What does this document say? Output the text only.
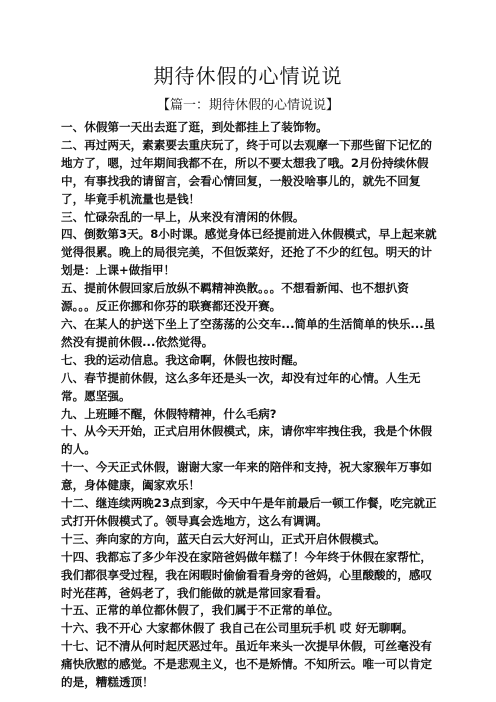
期待休假的心情说说
【篇一：期待休假的心情说说】

一、休假第一天出去逛了逛，到处都挂上了装饰物。

二、再过两天，素素要去重庆玩了，终于可以去观摩一下那些留下记忆的地方了，嗯，过年期间我都不在，所以不要太想我了哦。2月份持续休假中，有事找我的请留言，会看心情回复，一般没啥事儿的，就先不回复了，毕竟手机流量也是钱！

三、忙碌杂乱的一早上，从来没有清闲的休假。

四、倒数第3天。8小时课。感觉身体已经提前进入休假模式，早上起来就觉得很累。晚上的局很完美，不但饭菜好，还抢了不少的红包。明天的计划是：上课+做指甲！

五、提前休假回家后放纵不羁精神涣散。。。不想看新闻、也不想扒资源。。。反正你挪和你芬的联赛都还没开赛。

六、在某人的护送下坐上了空荡荡的公交车...简单的生活简单的快乐...虽然没有提前休假...依然觉得。

七、我的运动信息。我这命啊，休假也按时醒。

八、春节提前休假，这么多年还是头一次，却没有过年的心情。人生无常。愿坚强。

九、上班睡不醒，休假特精神，什么毛病?

十、从今天开始，正式启用休假模式，床，请你牢牢拽住我，我是个休假的人。

十一、今天正式休假，谢谢大家一年来的陪伴和支持，祝大家猴年万事如意，身体健康，阖家欢乐！

十二、继连续两晚23点到家，今天中午是年前最后一顿工作餐，吃完就正式打开休假模式了。领导真会选地方，这么有调调。

十三、奔向家的方向，蓝天白云大好河山，正式开启休假模式。

十四、我都忘了多少年没在家陪爸妈做年糕了！今年终于休假在家帮忙，我们都很享受过程，我在闲暇时偷偷看看身旁的爸妈，心里酸酸的，感叹时光荏苒，爸妈老了，我们能做的就是常回家看看。

十五、正常的单位都休假了，我们属于不正常的单位。

十六、我不开心 大家都休假了 我自己在公司里玩手机 哎 好无聊啊。

十七、记不清从何时起厌恶过年。虽近年来头一次提早休假，可丝毫没有痛快欣慰的感觉。不是悲观主义，也不是矫情。不知所云。唯一可以肯定的是，糟糕透顶！
